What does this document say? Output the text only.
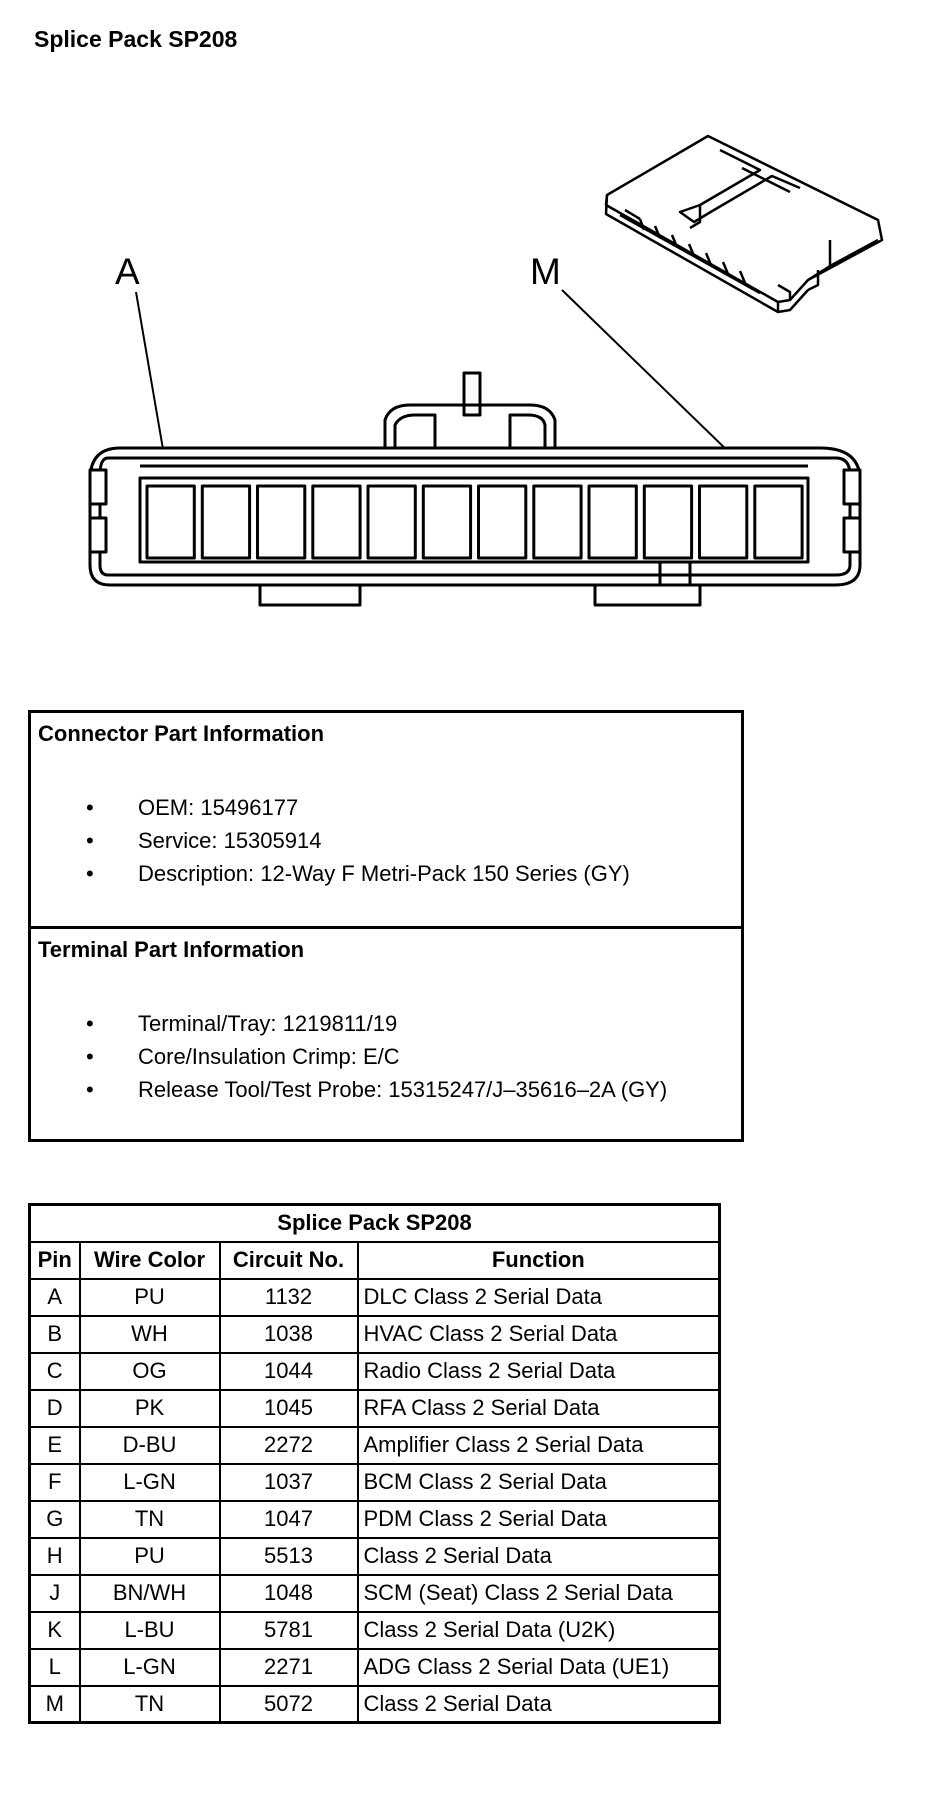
Splice Pack SP208
A	M
Connector Part Information
• OEM: 15496177
• Service: 15305914
• Description: 12-Way F Metri-Pack 150 Series (GY)
Terminal Part Information
• Terminal/Tray: 1219811/19
• Core/Insulation Crimp: E/C
• Release Tool/Test Probe: 15315247/J–35616–2A (GY)
Splice Pack SP208			
Pin	Wire Color	Circuit No.	Function
A	PU	1132	DLC Class 2 Serial Data
B	WH	1038	HVAC Class 2 Serial Data
C	OG	1044	Radio Class 2 Serial Data
D	PK	1045	RFA Class 2 Serial Data
E	D-BU	2272	Amplifier Class 2 Serial Data
F	L-GN	1037	BCM Class 2 Serial Data
G	TN	1047	PDM Class 2 Serial Data
H	PU	5513	Class 2 Serial Data
J	BN/WH	1048	SCM (Seat) Class 2 Serial Data
K	L-BU	5781	Class 2 Serial Data (U2K)
L	L-GN	2271	ADG Class 2 Serial Data (UE1)
M	TN	5072	Class 2 Serial Data
